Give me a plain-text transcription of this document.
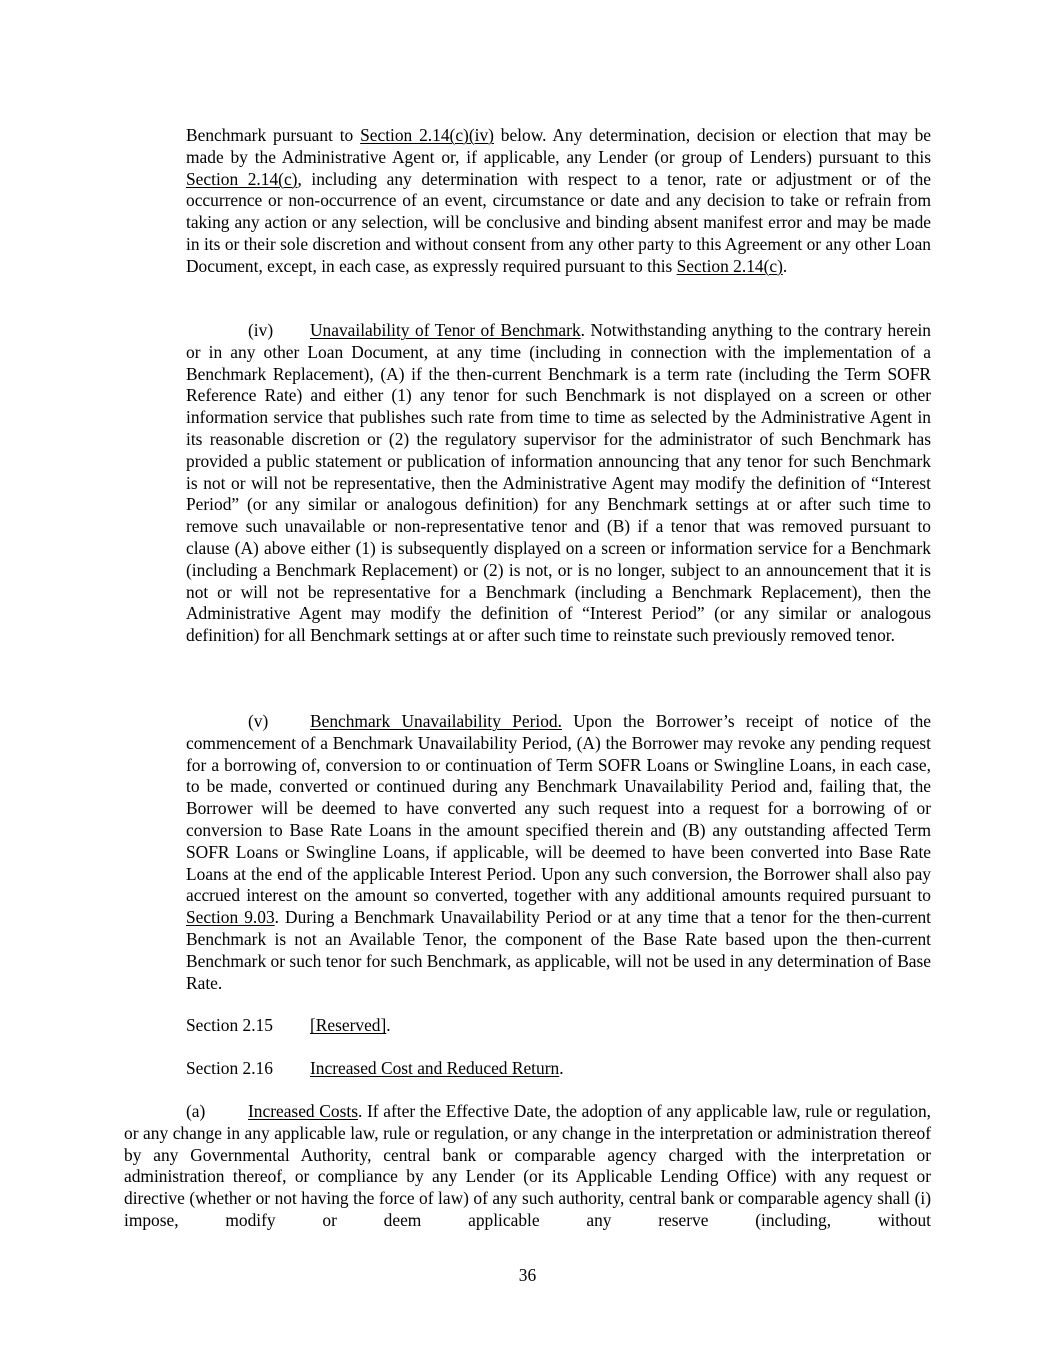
Benchmark pursuant to Section 2.14(c)(iv) below. Any determination, decision or election that may be made by the Administrative Agent or, if applicable, any Lender (or group of Lenders) pursuant to this Section 2.14(c), including any determination with respect to a tenor, rate or adjustment or of the occurrence or non-occurrence of an event, circumstance or date and any decision to take or refrain from taking any action or any selection, will be conclusive and binding absent manifest error and may be made in its or their sole discretion and without consent from any other party to this Agreement or any other Loan Document, except, in each case, as expressly required pursuant to this Section 2.14(c).

(iv) Unavailability of Tenor of Benchmark. Notwithstanding anything to the contrary herein or in any other Loan Document, at any time (including in connection with the implementation of a Benchmark Replacement), (A) if the then-current Benchmark is a term rate (including the Term SOFR Reference Rate) and either (1) any tenor for such Benchmark is not displayed on a screen or other information service that publishes such rate from time to time as selected by the Administrative Agent in its reasonable discretion or (2) the regulatory supervisor for the administrator of such Benchmark has provided a public statement or publication of information announcing that any tenor for such Benchmark is not or will not be representative, then the Administrative Agent may modify the definition of “Interest Period” (or any similar or analogous definition) for any Benchmark settings at or after such time to remove such unavailable or non-representative tenor and (B) if a tenor that was removed pursuant to clause (A) above either (1) is subsequently displayed on a screen or information service for a Benchmark (including a Benchmark Replacement) or (2) is not, or is no longer, subject to an announcement that it is not or will not be representative for a Benchmark (including a Benchmark Replacement), then the Administrative Agent may modify the definition of “Interest Period” (or any similar or analogous definition) for all Benchmark settings at or after such time to reinstate such previously removed tenor.

(v) Benchmark Unavailability Period. Upon the Borrower’s receipt of notice of the commencement of a Benchmark Unavailability Period, (A) the Borrower may revoke any pending request for a borrowing of, conversion to or continuation of Term SOFR Loans or Swingline Loans, in each case, to be made, converted or continued during any Benchmark Unavailability Period and, failing that, the Borrower will be deemed to have converted any such request into a request for a borrowing of or conversion to Base Rate Loans in the amount specified therein and (B) any outstanding affected Term SOFR Loans or Swingline Loans, if applicable, will be deemed to have been converted into Base Rate Loans at the end of the applicable Interest Period. Upon any such conversion, the Borrower shall also pay accrued interest on the amount so converted, together with any additional amounts required pursuant to Section 9.03. During a Benchmark Unavailability Period or at any time that a tenor for the then-current Benchmark is not an Available Tenor, the component of the Base Rate based upon the then-current Benchmark or such tenor for such Benchmark, as applicable, will not be used in any determination of Base Rate.

Section 2.15 [Reserved].

Section 2.16 Increased Cost and Reduced Return.

(a) Increased Costs. If after the Effective Date, the adoption of any applicable law, rule or regulation, or any change in any applicable law, rule or regulation, or any change in the interpretation or administration thereof by any Governmental Authority, central bank or comparable agency charged with the interpretation or administration thereof, or compliance by any Lender (or its Applicable Lending Office) with any request or directive (whether or not having the force of law) of any such authority, central bank or comparable agency shall (i) impose, modify or deem applicable any reserve (including, without

36
